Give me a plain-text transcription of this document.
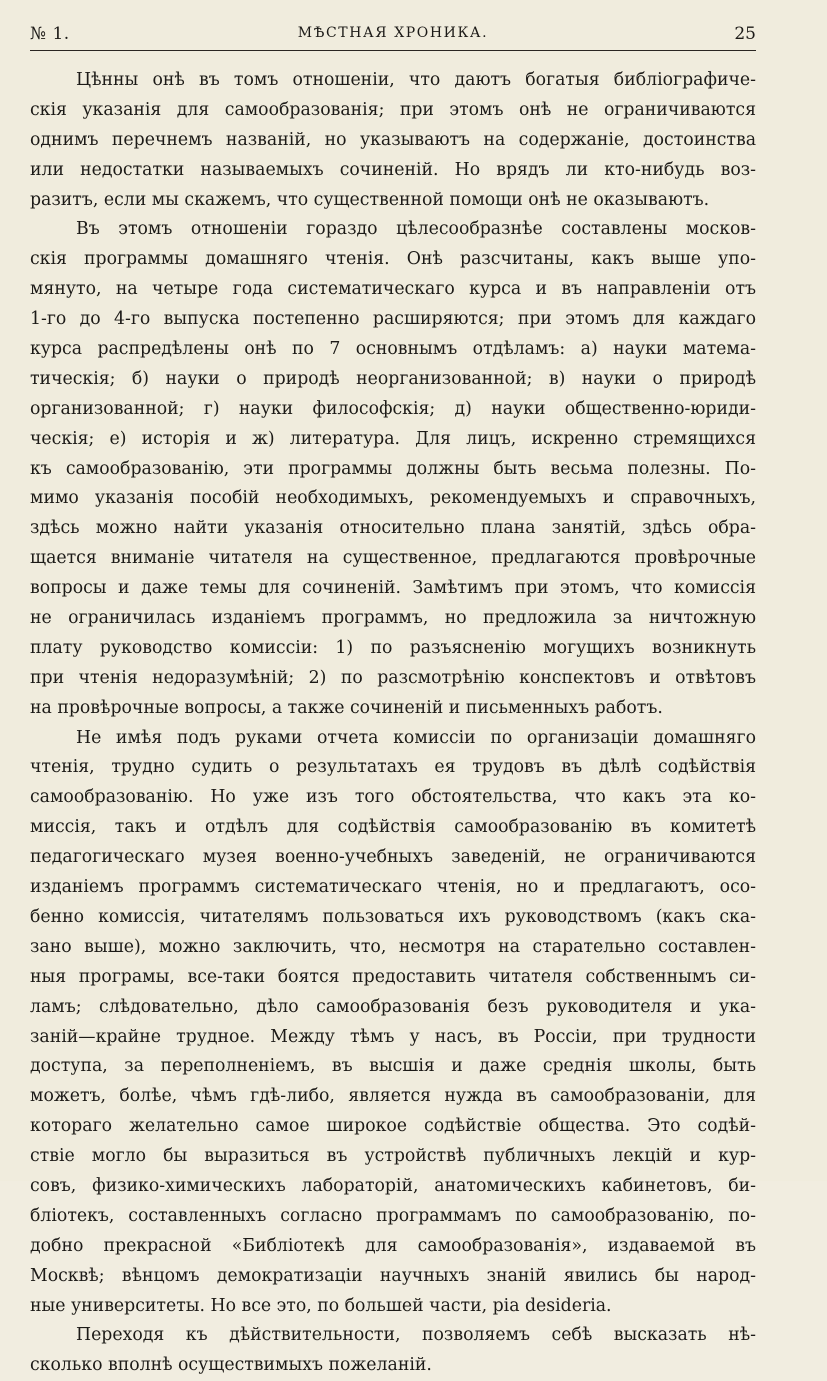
№ 1.	МѢСТНАЯ ХРОНИКА.	25
Цѣнны онѣ въ томъ отношеніи, что даютъ богатыя библіографиче-
скія указанія для самообразованія; при этомъ онѣ не ограничиваются
однимъ перечнемъ названій, но указываютъ на содержаніе, достоинства
или недостатки называемыхъ сочиненій. Но врядъ ли кто-нибудь воз-
разитъ, если мы скажемъ, что существенной помощи онѣ не оказываютъ.
Въ этомъ отношеніи гораздо цѣлесообразнѣе составлены москов-
скія программы домашняго чтенія. Онѣ разсчитаны, какъ выше упо-
мянуто, на четыре года систематическаго курса и въ направленіи отъ
1-го до 4-го выпуска постепенно расширяются; при этомъ для каждаго
курса распредѣлены онѣ по 7 основнымъ отдѣламъ: а) науки матема-
тическія; б) науки о природѣ неорганизованной; в) науки о природѣ
организованной; г) науки философскія; д) науки общественно-юриди-
ческія; е) исторія и ж) литература. Для лицъ, искренно стремящихся
къ самообразованію, эти программы должны быть весьма полезны. По-
мимо указанія пособій необходимыхъ, рекомендуемыхъ и справочныхъ,
здѣсь можно найти указанія относительно плана занятій, здѣсь обра-
щается вниманіе читателя на существенное, предлагаются провѣрочные
вопросы и даже темы для сочиненій. Замѣтимъ при этомъ, что комиссія
не ограничилась изданіемъ программъ, но предложила за ничтожную
плату руководство комиссіи: 1) по разъясненію могущихъ возникнуть
при чтенія недоразумѣній; 2) по разсмотрѣнію конспектовъ и отвѣтовъ
на провѣрочные вопросы, а также сочиненій и письменныхъ работъ.
Не имѣя подъ руками отчета комиссіи по организаціи домашняго
чтенія, трудно судить о результатахъ ея трудовъ въ дѣлѣ содѣйствія
самообразованію. Но уже изъ того обстоятельства, что какъ эта ко-
миссія, такъ и отдѣлъ для содѣйствія самообразованію въ комитетѣ
педагогическаго музея военно-учебныхъ заведеній, не ограничиваются
изданіемъ программъ систематическаго чтенія, но и предлагаютъ, осо-
бенно комиссія, читателямъ пользоваться ихъ руководствомъ (какъ ска-
зано выше), можно заключить, что, несмотря на старательно составлен-
ныя програмы, все-таки боятся предоставить читателя собственнымъ си-
ламъ; слѣдовательно, дѣло самообразованія безъ руководителя и ука-
заній—крайне трудное. Между тѣмъ у насъ, въ Россіи, при трудности
доступа, за переполненіемъ, въ высшія и даже среднія школы, быть
можетъ, болѣе, чѣмъ гдѣ-либо, является нужда въ самообразованіи, для
котораго желательно самое широкое содѣйствіе общества. Это содѣй-
ствіе могло бы выразиться въ устройствѣ публичныхъ лекцій и кур-
совъ, физико-химическихъ лабораторій, анатомическихъ кабинетовъ, би-
бліотекъ, составленныхъ согласно программамъ по самообразованію, по-
добно прекрасной «Библіотекѣ для самообразованія», издаваемой въ
Москвѣ; вѣнцомъ демократизаціи научныхъ знаній явились бы народ-
ные университеты. Но все это, по большей части, pia desideria.
Переходя къ дѣйствительности, позволяемъ себѣ высказать нѣ-
сколько вполнѣ осуществимыхъ пожеланій.
